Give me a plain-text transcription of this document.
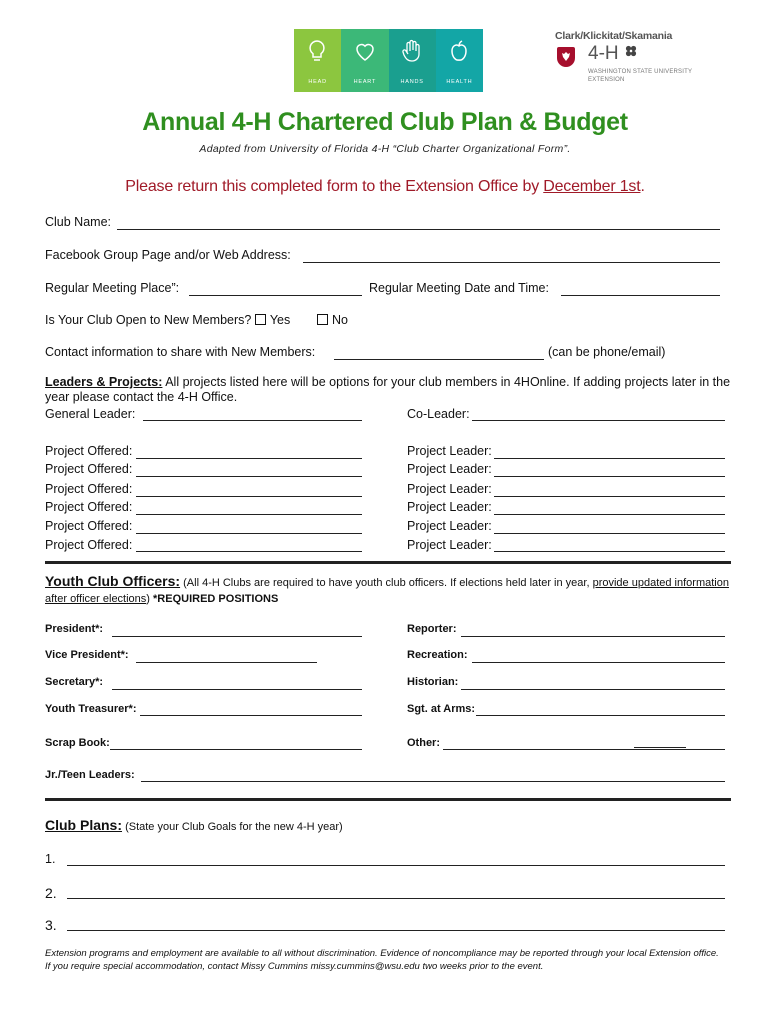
HEAD	HEART	HANDS	HEALTH
Clark/Klickitat/Skamania
4-H
WASHINGTON STATE UNIVERSITY
EXTENSION
Annual 4-H Chartered Club Plan & Budget
Adapted from University of Florida 4-H “Club Charter Organizational Form”.
Please return this completed form to the Extension Office by December 1st.
Club Name:
Facebook Group Page and/or Web Address:
Regular Meeting Place”:	Regular Meeting Date and Time:
Is Your Club Open to New Members? Yes	No
Contact information to share with New Members:	(can be phone/email)
Leaders & Projects: All projects listed here will be options for your club members in 4HOnline. If adding projects later in the year please contact the 4-H Office.
General Leader:	Co-Leader:
Project Offered:	Project Leader:
Project Offered:	Project Leader:
Project Offered:	Project Leader:
Project Offered:	Project Leader:
Project Offered:	Project Leader:
Project Offered:	Project Leader:
Youth Club Officers: (All 4-H Clubs are required to have youth club officers. If elections held later in year, provide updated information after officer elections) *REQUIRED POSITIONS
President*:	Reporter:
Vice President*:	Recreation:
Secretary*:	Historian:
Youth Treasurer*:	Sgt. at Arms:
Scrap Book:	Other:
Jr./Teen Leaders:
Club Plans: (State your Club Goals for the new 4-H year)
1.
2.
3.
Extension programs and employment are available to all without discrimination. Evidence of noncompliance may be reported through your local Extension office. If you require special accommodation, contact Missy Cummins missy.cummins@wsu.edu two weeks prior to the event.
